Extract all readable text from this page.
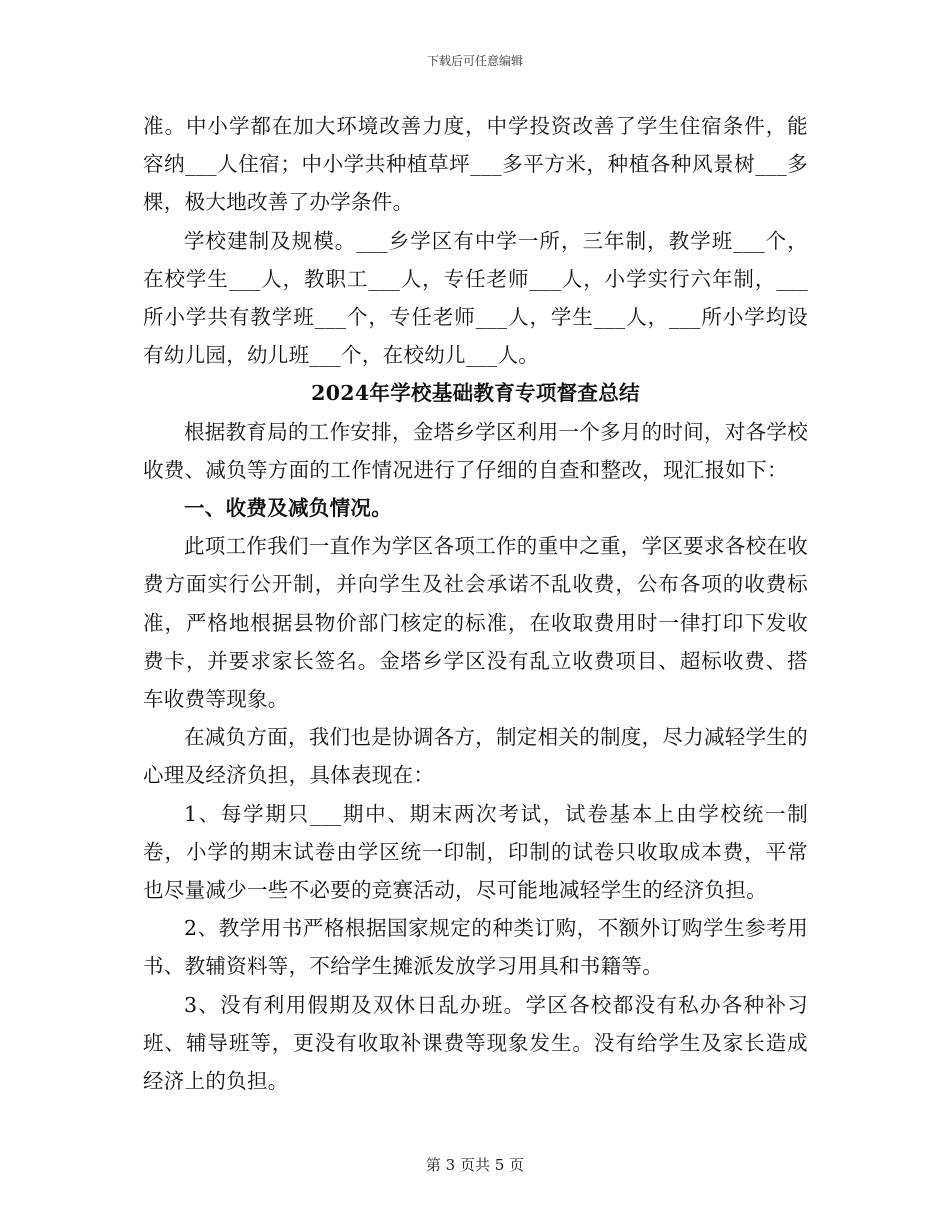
下载后可任意编辑

准。中小学都在加大环境改善力度，中学投资改善了学生住宿条件，能容纳___人住宿；中小学共种植草坪___多平方米，种植各种风景树___多棵，极大地改善了办学条件。

学校建制及规模。___乡学区有中学一所，三年制，教学班___个，在校学生___人，教职工___人，专任老师___人，小学实行六年制，___所小学共有教学班___个，专任老师___人，学生___人，___所小学均设有幼儿园，幼儿班___个，在校幼儿___人。

2024年学校基础教育专项督查总结

根据教育局的工作安排，金塔乡学区利用一个多月的时间，对各学校收费、减负等方面的工作情况进行了仔细的自查和整改，现汇报如下：

一、收费及减负情况。

此项工作我们一直作为学区各项工作的重中之重，学区要求各校在收费方面实行公开制，并向学生及社会承诺不乱收费，公布各项的收费标准，严格地根据县物价部门核定的标准，在收取费用时一律打印下发收费卡，并要求家长签名。金塔乡学区没有乱立收费项目、超标收费、搭车收费等现象。

在减负方面，我们也是协调各方，制定相关的制度，尽力减轻学生的心理及经济负担，具体表现在：

1、每学期只___期中、期末两次考试，试卷基本上由学校统一制卷，小学的期末试卷由学区统一印制，印制的试卷只收取成本费，平常也尽量减少一些不必要的竞赛活动，尽可能地减轻学生的经济负担。

2、教学用书严格根据国家规定的种类订购，不额外订购学生参考用书、教辅资料等，不给学生摊派发放学习用具和书籍等。

3、没有利用假期及双休日乱办班。学区各校都没有私办各种补习班、辅导班等，更没有收取补课费等现象发生。没有给学生及家长造成经济上的负担。

第 3 页共 5 页
